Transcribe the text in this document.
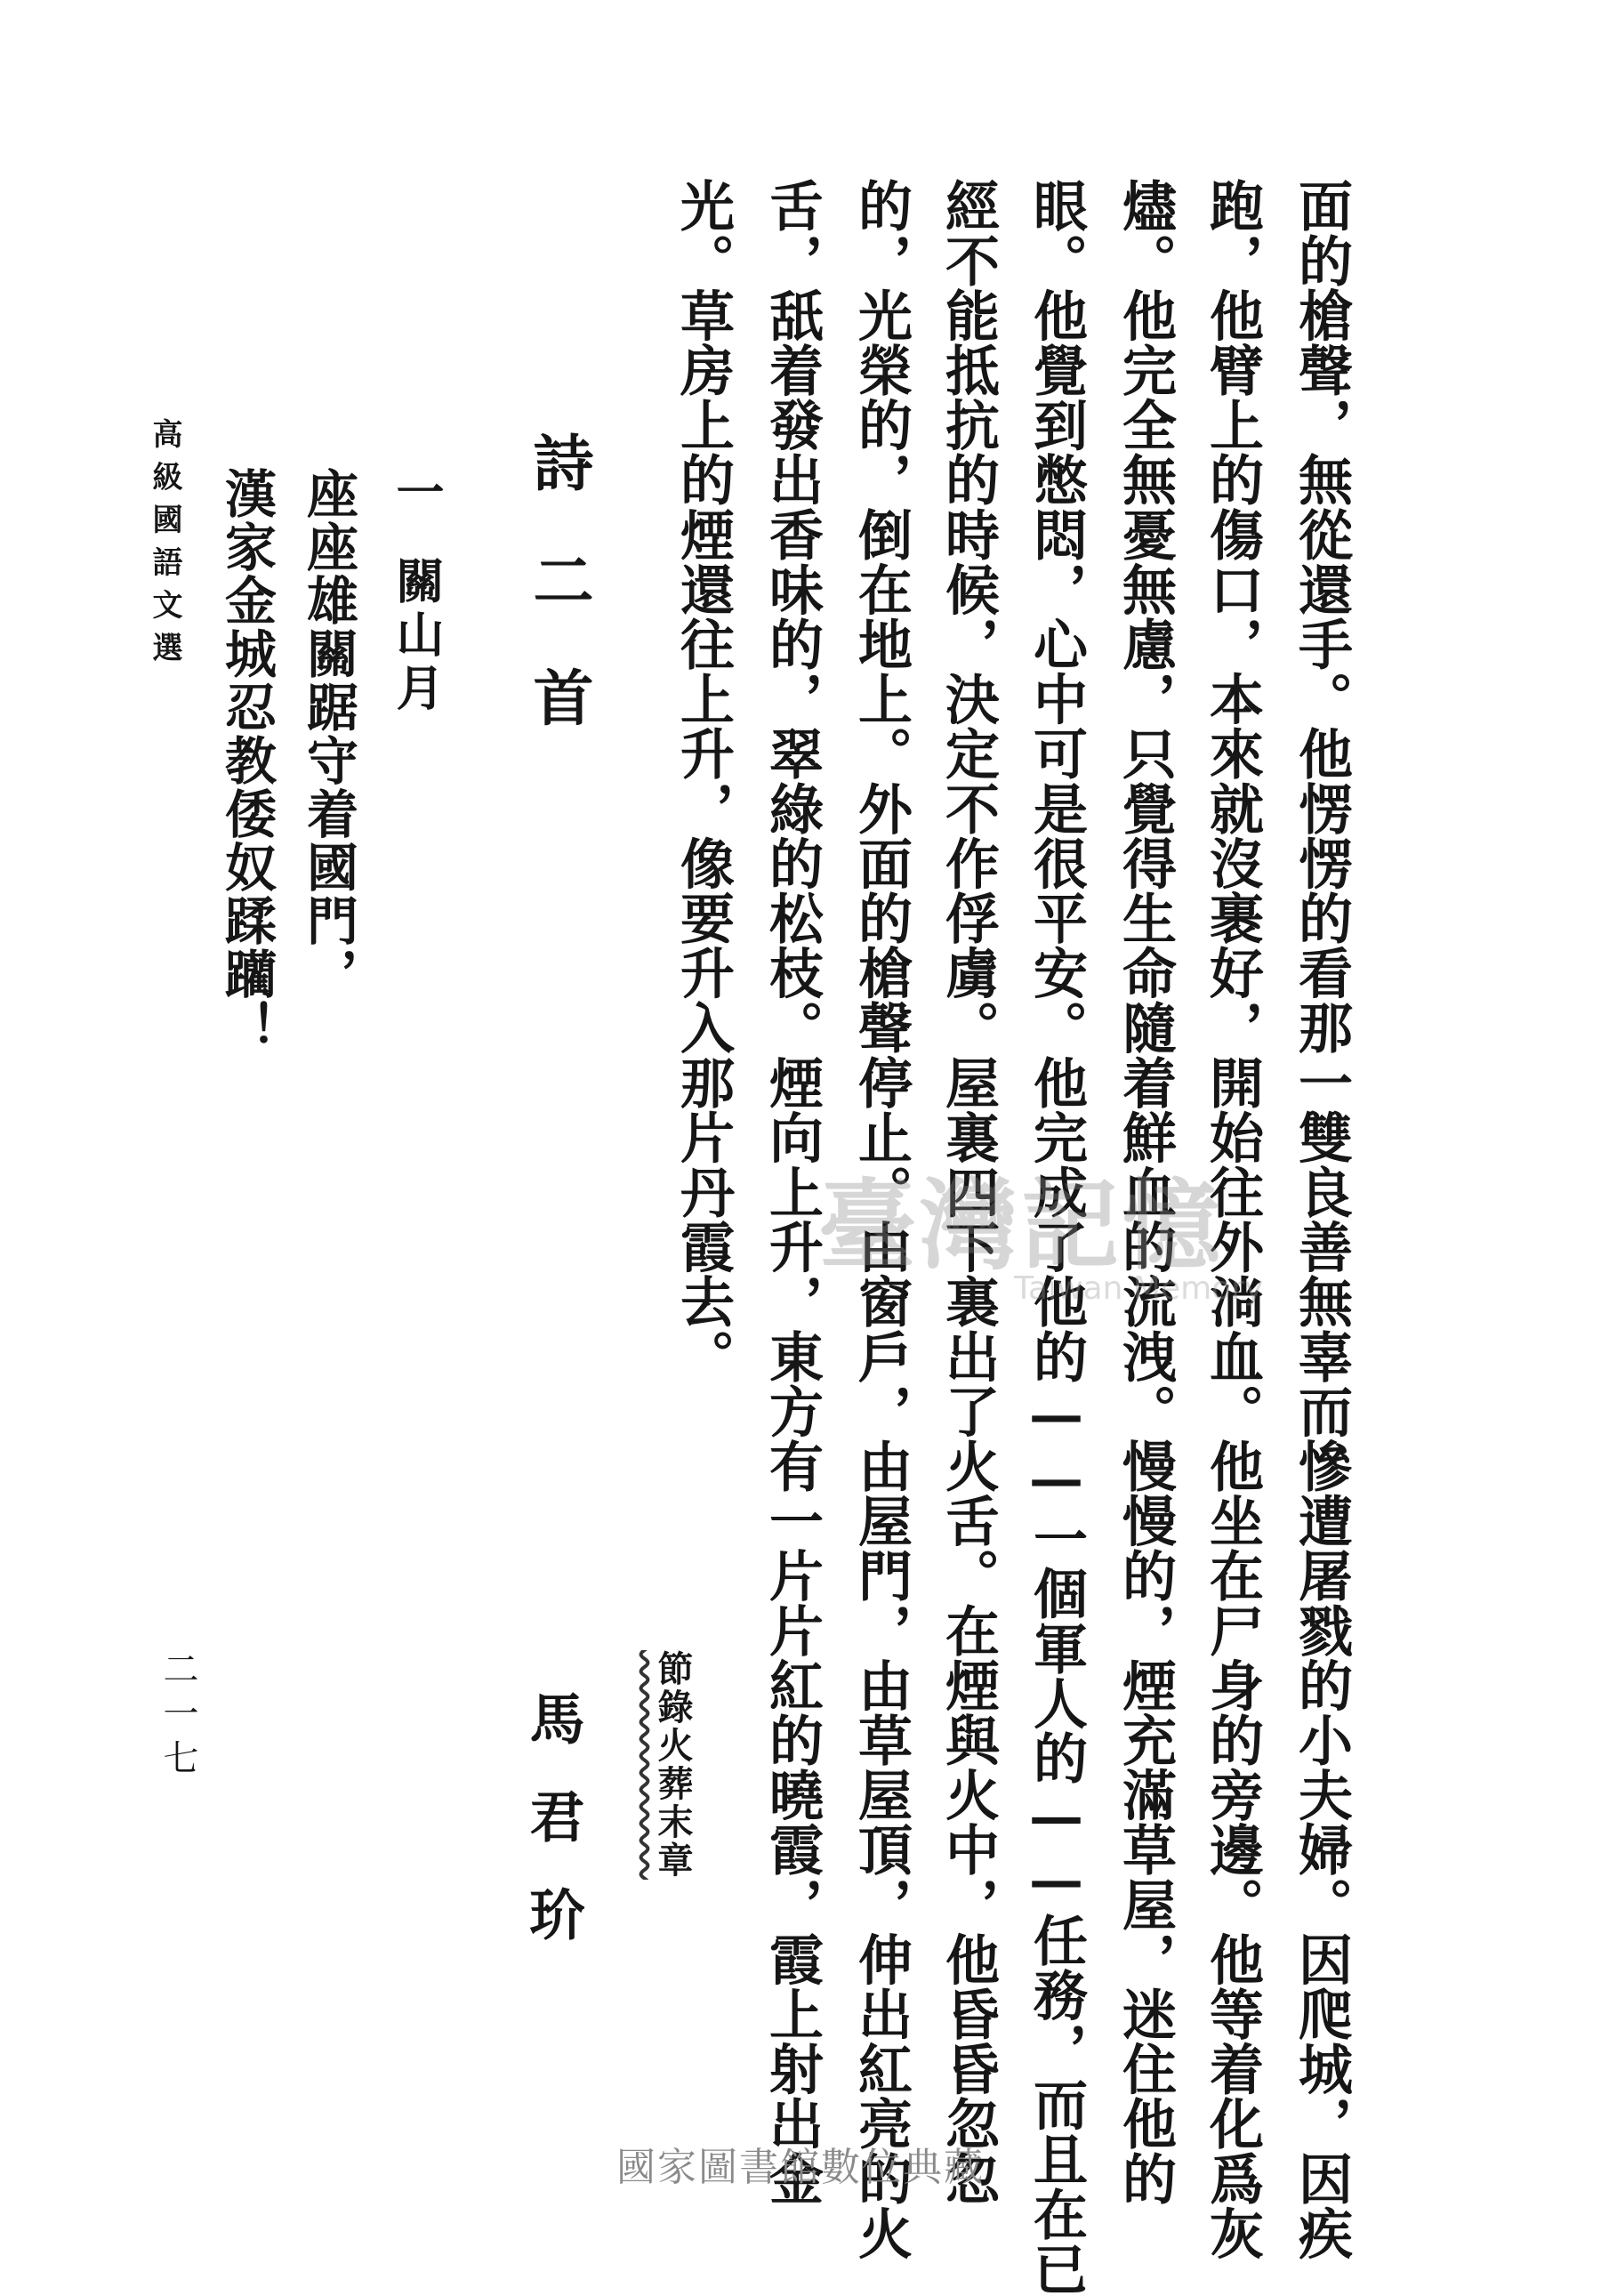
面的槍聲，無從還手。他愣愣的看那一雙良善無辜而慘遭屠戮的小夫婦。因爬城，因疾
跑，他臂上的傷口，本來就沒裹好，開始往外淌血。他坐在尸身的旁邊。他等着化爲灰
燼。他完全無憂無慮，只覺得生命隨着鮮血的流洩。慢慢的，煙充滿草屋，迷住他的
眼。他覺到憋悶，心中可是很平安。他完成了他的——一個軍人的——任務，而且在已
經不能抵抗的時候，決定不作俘虜。屋裏四下裏出了火舌。在煙與火中，他昏昏忽忽
的，光榮的，倒在地上。外面的槍聲停止。由窗戶，由屋門，由草屋頂，伸出紅亮的火
舌，舐着發出香味的，翠綠的松枝。煙向上升，東方有一片片紅的曉霞，霞上射出金
光。草房上的煙還往上升，像要升入那片丹霞去。
節錄火葬末章
馬君玠
詩二首
一
關山月
座座雄關踞守着國門，
漢家金城忍教倭奴蹂躪！
高級國語文選
二一七
臺灣記憶
Taiwan Memory
國家圖書館數位典藏
